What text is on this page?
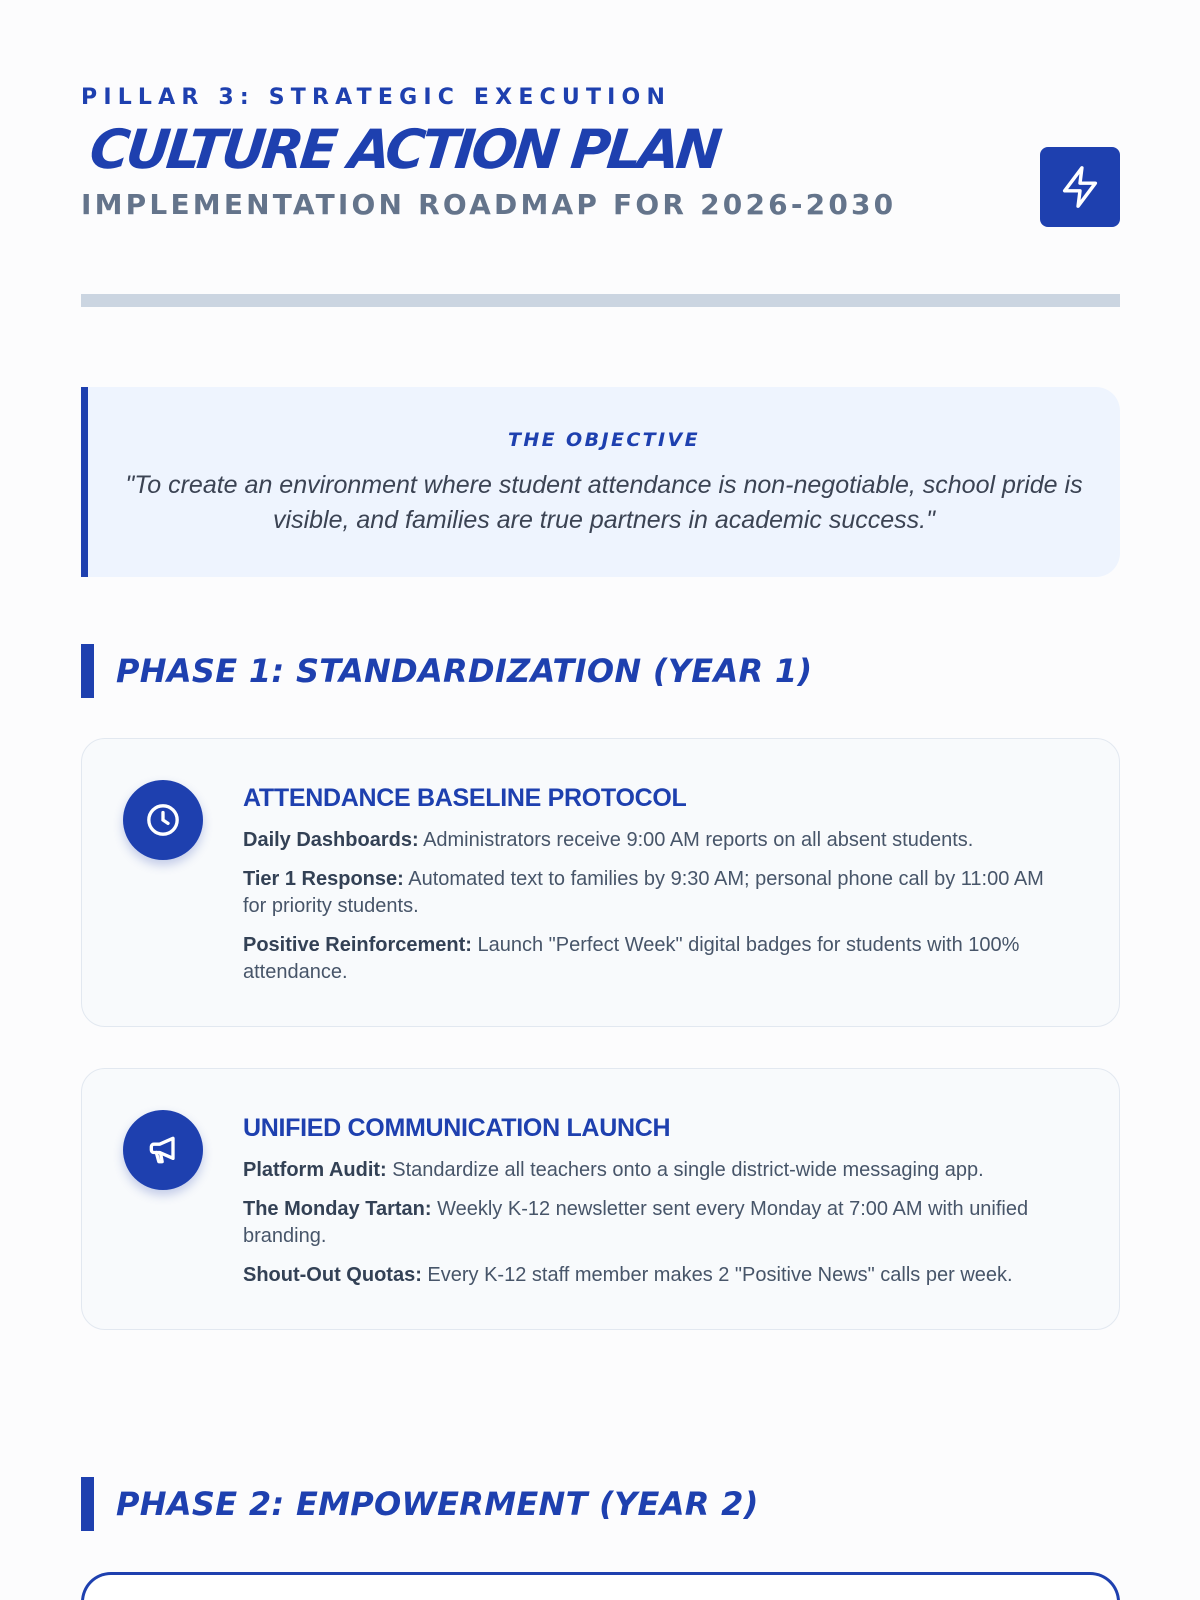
PILLAR 3: STRATEGIC EXECUTION
CULTURE ACTION PLAN
IMPLEMENTATION ROADMAP FOR 2026-2030
THE OBJECTIVE
"To create an environment where student attendance is non-negotiable, school pride is visible, and families are true partners in academic success."
PHASE 1: STANDARDIZATION (YEAR 1)
ATTENDANCE BASELINE PROTOCOL
Daily Dashboards: Administrators receive 9:00 AM reports on all absent students.
Tier 1 Response: Automated text to families by 9:30 AM; personal phone call by 11:00 AM for priority students.
Positive Reinforcement: Launch "Perfect Week" digital badges for students with 100% attendance.
UNIFIED COMMUNICATION LAUNCH
Platform Audit: Standardize all teachers onto a single district-wide messaging app.
The Monday Tartan: Weekly K-12 newsletter sent every Monday at 7:00 AM with unified branding.
Shout-Out Quotas: Every K-12 staff member makes 2 "Positive News" calls per week.
PHASE 2: EMPOWERMENT (YEAR 2)
